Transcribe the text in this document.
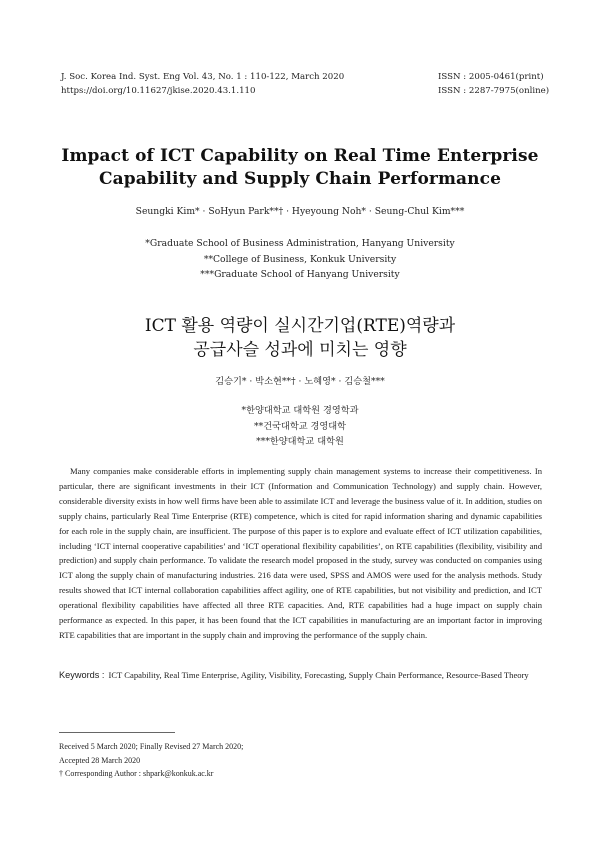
J. Soc. Korea Ind. Syst. Eng Vol. 43, No. 1 : 110-122, March 2020
https://doi.org/10.11627/jkise.2020.43.1.110
ISSN : 2005-0461(print)
ISSN : 2287-7975(online)
Impact of ICT Capability on Real Time Enterprise
Capability and Supply Chain Performance
Seungki Kim* · SoHyun Park**† · Hyeyoung Noh* · Seung-Chul Kim***
*Graduate School of Business Administration, Hanyang University
**College of Business, Konkuk University
***Graduate School of Hanyang University
ICT 활용 역량이 실시간기업(RTE)역량과
공급사슬 성과에 미치는 영향
김승기* · 박소현**† · 노혜영* · 김승철***
*한양대학교 대학원 경영학과
**건국대학교 경영대학
***한양대학교 대학원

Many companies make considerable efforts in implementing supply chain management systems to increase their competitiveness. In particular, there are significant investments in their ICT (Information and Communication Technology) and supply chain. However, considerable diversity exists in how well firms have been able to assimilate ICT and leverage the business value of it. In addition, studies on supply chains, particularly Real Time Enterprise (RTE) competence, which is cited for rapid information sharing and dynamic capabilities for each role in the supply chain, are insufficient. The purpose of this paper is to explore and evaluate effect of ICT utilization capabilities, including ‘ICT internal cooperative capabilities’ and ‘ICT operational flexibility capabilities’, on RTE capabilities (flexibility, visibility and prediction) and supply chain performance. To validate the research model proposed in the study, survey was conducted on companies using ICT along the supply chain of manufacturing industries. 216 data were used, SPSS and AMOS were used for the analysis methods. Study results showed that ICT internal collaboration capabilities affect agility, one of RTE capabilities, but not visibility and prediction, and ICT operational flexibility capabilities have affected all three RTE capacities. And, RTE capabilities had a huge impact on supply chain performance as expected. In this paper, it has been found that the ICT capabilities in manufacturing are an important factor in improving RTE capabilities that are important in the supply chain and improving the performance of the supply chain.

Keywords : ICT Capability, Real Time Enterprise, Agility, Visibility, Forecasting, Supply Chain Performance, Resource-Based Theory
Received 5 March 2020; Finally Revised 27 March 2020;
Accepted 28 March 2020
† Corresponding Author : shpark@konkuk.ac.kr
